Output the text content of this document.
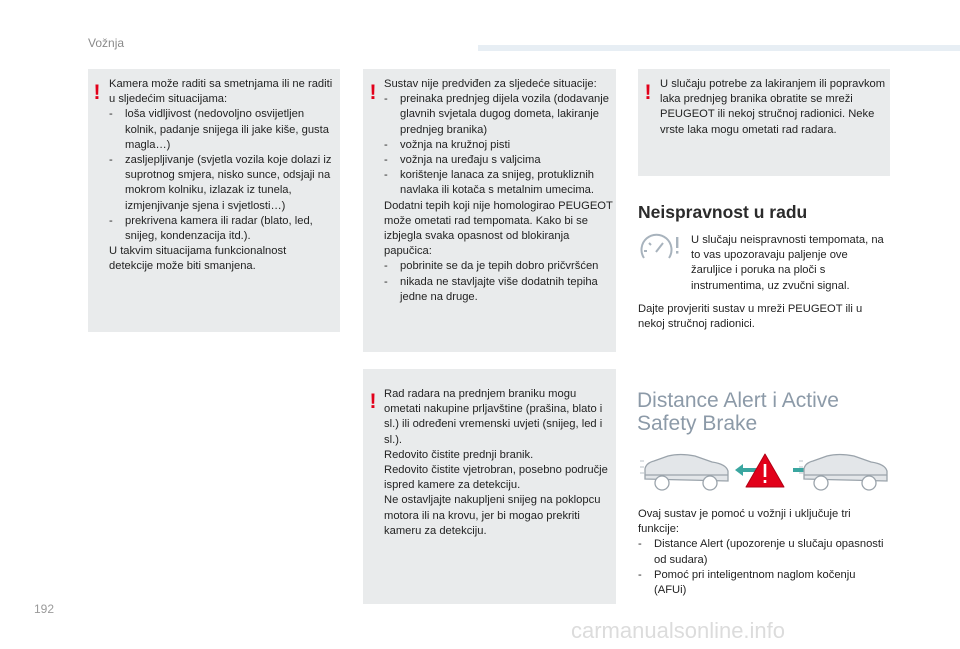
Vožnja
! Kamera može raditi sa smetnjama ili ne raditi u sljedećim situacijama:

- loša vidljivost (nedovoljno osvijetljen kolnik, padanje snijega ili jake kiše, gusta magla…)
- zasljepljivanje (svjetla vozila koje dolazi iz suprotnog smjera, nisko sunce, odsjaji na mokrom kolniku, izlazak iz tunela, izmjenjivanje sjena i svjetlosti…)
- prekrivena kamera ili radar (blato, led, snijeg, kondenzacija itd.).

U takvim situacijama funkcionalnost detekcije može biti smanjena.

! Sustav nije predviđen za sljedeće situacije:

- preinaka prednjeg dijela vozila (dodavanje glavnih svjetala dugog dometa, lakiranje prednjeg branika)
- vožnja na kružnoj pisti
- vožnja na uređaju s valjcima
- korištenje lanaca za snijeg, protukliznih navlaka ili kotača s metalnim umecima.

Dodatni tepih koji nije homologirao PEUGEOT može ometati rad tempomata. Kako bi se izbjegla svaka opasnost od blokiranja papučica:

- pobrinite se da je tepih dobro pričvršćen
- nikada ne stavljajte više dodatnih tepiha jedne na druge.
! Rad radara na prednjem braniku mogu ometati nakupine prljavštine (prašina, blato i sl.) ili određeni vremenski uvjeti (snijeg, led i sl.).

Redovito čistite prednji branik.

Redovito čistite vjetrobran, posebno područje ispred kamere za detekciju.

Ne ostavljajte nakupljeni snijeg na poklopcu motora ili na krovu, jer bi mogao prekriti kameru za detekciju.

! U slučaju potrebe za lakiranjem ili popravkom laka prednjeg branika obratite se mreži PEUGEOT ili nekoj stručnoj radionici. Neke vrste laka mogu ometati rad radara.
Neispravnost u radu
U slučaju neispravnosti tempomata, na to vas upozoravaju paljenje ove žaruljice i poruka na ploči s instrumentima, uz zvučni signal.
Dajte provjeriti sustav u mreži PEUGEOT ili u nekoj stručnoj radionici.
Distance Alert i Active
Safety Brake

Ovaj sustav je pomoć u vožnji i uključuje tri funkcije:

- Distance Alert (upozorenje u slučaju opasnosti od sudara)
- Pomoć pri inteligentnom naglom kočenju (AFUi)
192
carmanualsonline.info
